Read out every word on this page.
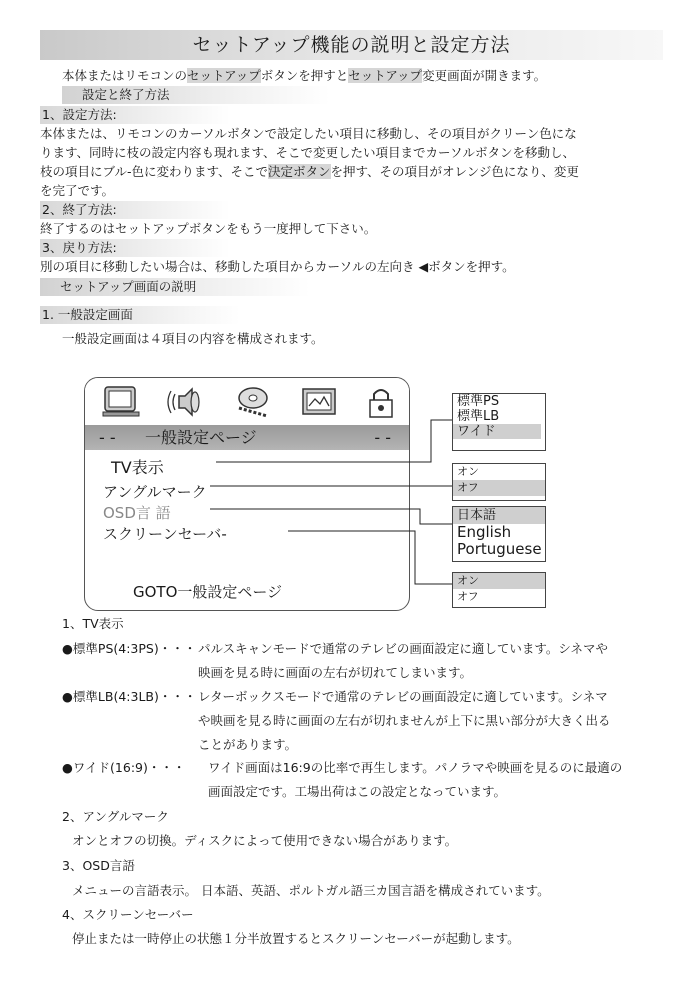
セットアップ機能の説明と設定方法
本体またはリモコンのセットアップボタンを押すとセットアップ変更画面が開きます。
設定と終了方法
1、設定方法:
本体または、リモコンのカーソルボタンで設定したい項目に移動し、その項目がクリーン色にな
ります、同時に枝の設定内容も現れます、そこで変更したい項目までカーソルボタンを移動し、
枝の項目にブル-色に変わります、そこで決定ボタンを押す、その項目がオレンジ色になり、変更
を完了です。
2、終了方法:
終了するのはセットアップボタンをもう一度押して下さい。
3、戻り方法:
別の項目に移動したい場合は、移動した項目からカーソルの左向き ◀ボタンを押す。
セットアップ画面の説明
1. 一般設定画面
一般設定画面は４項目の内容を構成されます。
- - 一般設定ページ	- -
TV表示
アングルマーク
OSD言 語
スクリーンセーバ-
GOTO一般設定ページ
標準PS
標準LB
ワイド
オン
オフ
日本語
English
Portuguese
オン
オフ
1、TV表示
●標準PS(4:3PS)・・・ パルスキャンモードで通常のテレビの画面設定に適しています。シネマや
映画を見る時に画面の左右が切れてしまいます。
●標準LB(4:3LB)・・・ レターボックスモードで通常のテレビの画面設定に適しています。シネマ
や映画を見る時に画面の左右が切れませんが上下に黒い部分が大きく出る
ことがあります。
●ワイド(16:9)・・・ ワイド画面は16:9の比率で再生します。パノラマや映画を見るのに最適の
画面設定です。工場出荷はこの設定となっています。
2、アングルマーク
オンとオフの切換。ディスクによって使用できない場合があります。
3、OSD言語
メニューの言語表示。 日本語、英語、ポルトガル語三カ国言語を構成されています。
4、スクリーンセーバー
停止または一時停止の状態１分半放置するとスクリーンセーバーが起動します。
